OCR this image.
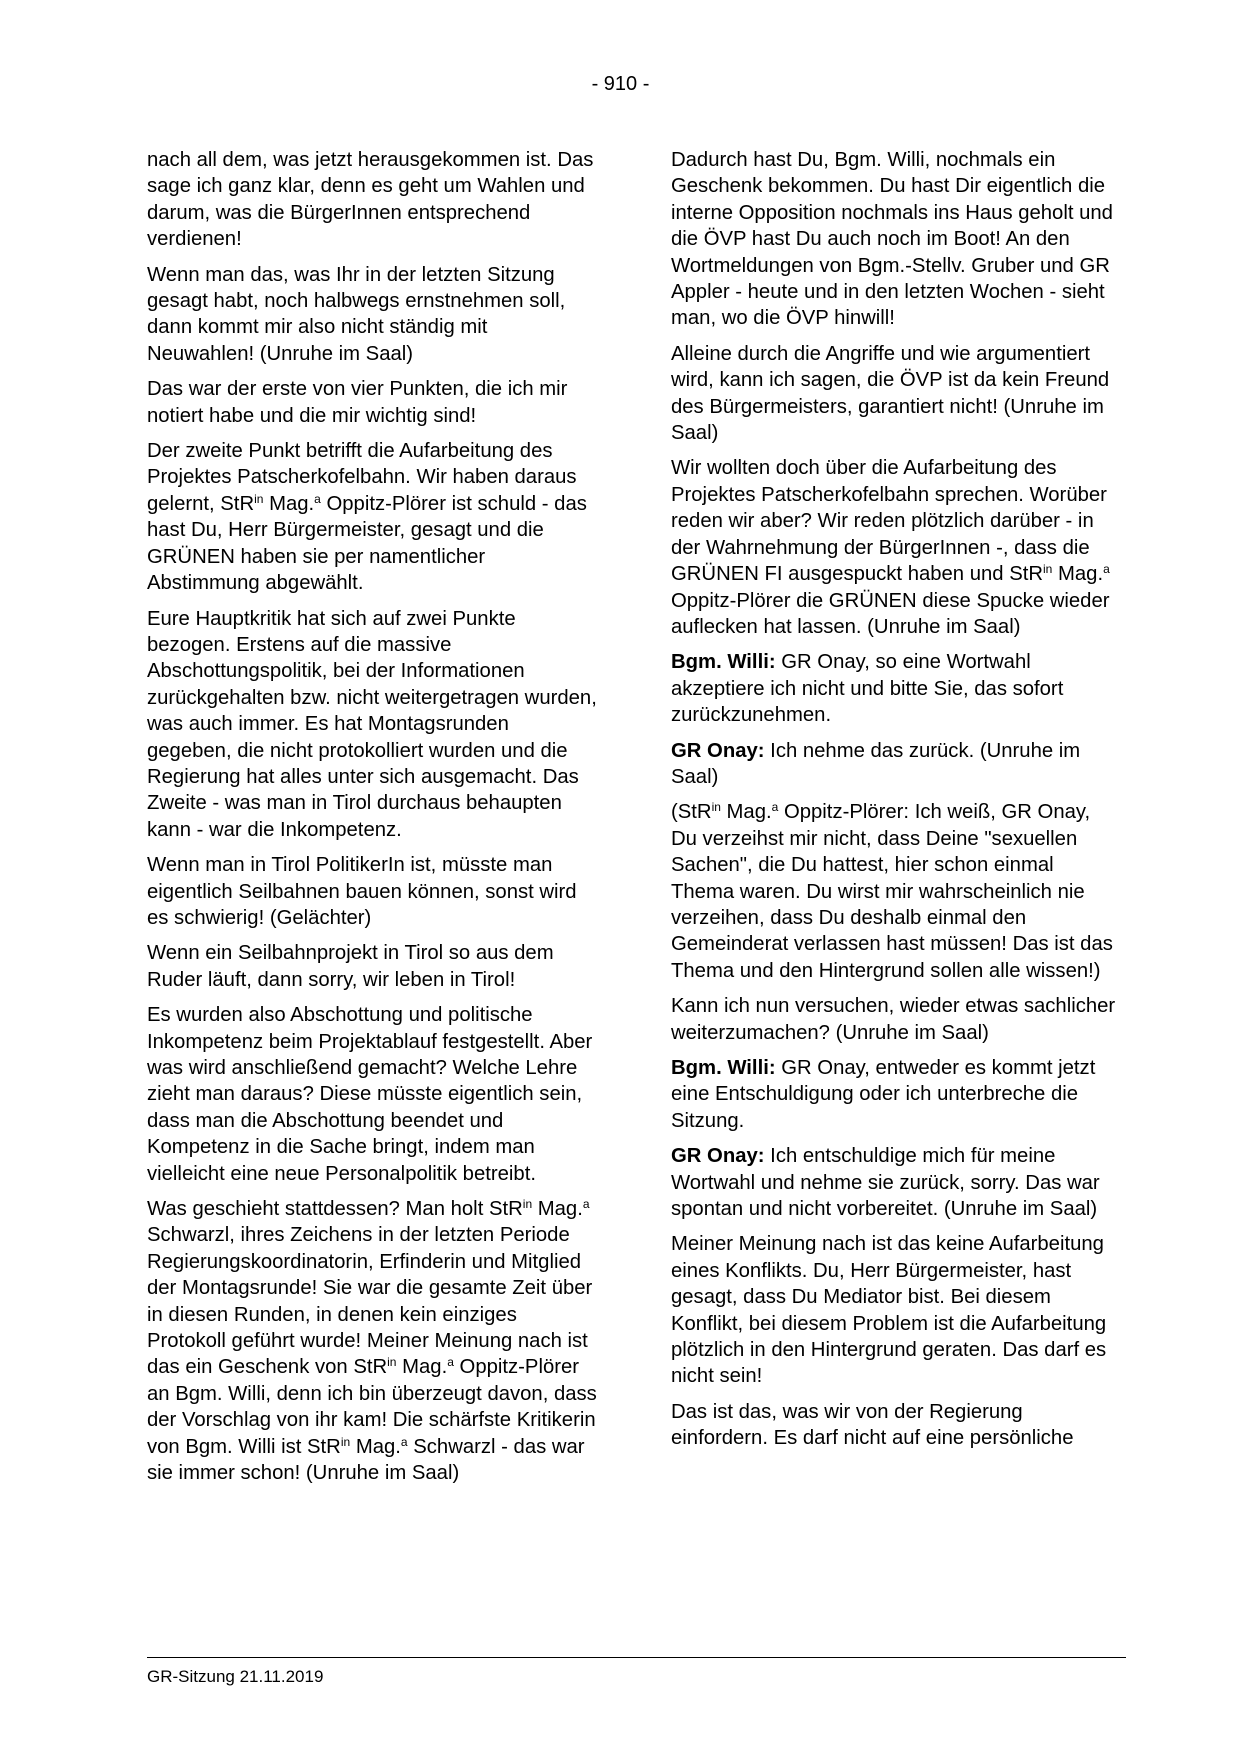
- 910 -

nach all dem, was jetzt herausgekommen ist. Das sage ich ganz klar, denn es geht um Wahlen und darum, was die BürgerInnen entsprechend verdienen!

Wenn man das, was Ihr in der letzten Sitzung gesagt habt, noch halbwegs ernstnehmen soll, dann kommt mir also nicht ständig mit Neuwahlen! (Unruhe im Saal)

Das war der erste von vier Punkten, die ich mir notiert habe und die mir wichtig sind!

Der zweite Punkt betrifft die Aufarbeitung des Projektes Patscherkofelbahn. Wir haben daraus gelernt, StR$^{in}$ Mag.$^a$ Oppitz-Plörer ist schuld - das hast Du, Herr Bürgermeister, gesagt und die GRÜNEN haben sie per namentlicher Abstimmung abgewählt.

Eure Hauptkritik hat sich auf zwei Punkte bezogen. Erstens auf die massive Abschottungspolitik, bei der Informationen zurückgehalten bzw. nicht weitergetragen wurden, was auch immer. Es hat Montagsrunden gegeben, die nicht protokolliert wurden und die Regierung hat alles unter sich ausgemacht. Das Zweite - was man in Tirol durchaus behaupten kann - war die Inkompetenz.

Wenn man in Tirol PolitikerIn ist, müsste man eigentlich Seilbahnen bauen können, sonst wird es schwierig! (Gelächter)

Wenn ein Seilbahnprojekt in Tirol so aus dem Ruder läuft, dann sorry, wir leben in Tirol!

Es wurden also Abschottung und politische Inkompetenz beim Projektablauf festgestellt. Aber was wird anschließend gemacht? Welche Lehre zieht man daraus? Diese müsste eigentlich sein, dass man die Abschottung beendet und Kompetenz in die Sache bringt, indem man vielleicht eine neue Personalpolitik betreibt.

Was geschieht stattdessen? Man holt StR$^{in}$ Mag.$^a$ Schwarzl, ihres Zeichens in der letzten Periode Regierungskoordinatorin, Erfinderin und Mitglied der Montagsrunde! Sie war die gesamte Zeit über in diesen Runden, in denen kein einziges Protokoll geführt wurde! Meiner Meinung nach ist das ein Geschenk von StR$^{in}$ Mag.$^a$ Oppitz-Plörer an Bgm. Willi, denn ich bin überzeugt davon, dass der Vorschlag von ihr kam! Die schärfste Kritikerin von Bgm. Willi ist StR$^{in}$ Mag.$^a$ Schwarzl - das war sie immer schon! (Unruhe im Saal)

Dadurch hast Du, Bgm. Willi, nochmals ein Geschenk bekommen. Du hast Dir eigentlich die interne Opposition nochmals ins Haus geholt und die ÖVP hast Du auch noch im Boot! An den Wortmeldungen von Bgm.-Stellv. Gruber und GR Appler - heute und in den letzten Wochen - sieht man, wo die ÖVP hinwill!

Alleine durch die Angriffe und wie argumentiert wird, kann ich sagen, die ÖVP ist da kein Freund des Bürgermeisters, garantiert nicht! (Unruhe im Saal)

Wir wollten doch über die Aufarbeitung des Projektes Patscherkofelbahn sprechen. Worüber reden wir aber? Wir reden plötzlich darüber - in der Wahrnehmung der BürgerInnen -, dass die GRÜNEN FI ausgespuckt haben und StR$^{in}$ Mag.$^a$ Oppitz-Plörer die GRÜNEN diese Spucke wieder auflecken hat lassen. (Unruhe im Saal)

Bgm. Willi: GR Onay, so eine Wortwahl akzeptiere ich nicht und bitte Sie, das sofort zurückzunehmen.

GR Onay: Ich nehme das zurück. (Unruhe im Saal)

(StR$^{in}$ Mag.$^a$ Oppitz-Plörer: Ich weiß, GR Onay, Du verzeihst mir nicht, dass Deine "sexuellen Sachen", die Du hattest, hier schon einmal Thema waren. Du wirst mir wahrscheinlich nie verzeihen, dass Du deshalb einmal den Gemeinderat verlassen hast müssen! Das ist das Thema und den Hintergrund sollen alle wissen!)

Kann ich nun versuchen, wieder etwas sachlicher weiterzumachen? (Unruhe im Saal)

Bgm. Willi: GR Onay, entweder es kommt jetzt eine Entschuldigung oder ich unterbreche die Sitzung.

GR Onay: Ich entschuldige mich für meine Wortwahl und nehme sie zurück, sorry. Das war spontan und nicht vorbereitet. (Unruhe im Saal)

Meiner Meinung nach ist das keine Aufarbeitung eines Konflikts. Du, Herr Bürgermeister, hast gesagt, dass Du Mediator bist. Bei diesem Konflikt, bei diesem Problem ist die Aufarbeitung plötzlich in den Hintergrund geraten. Das darf es nicht sein!

Das ist das, was wir von der Regierung einfordern. Es darf nicht auf eine persönliche

GR-Sitzung 21.11.2019
